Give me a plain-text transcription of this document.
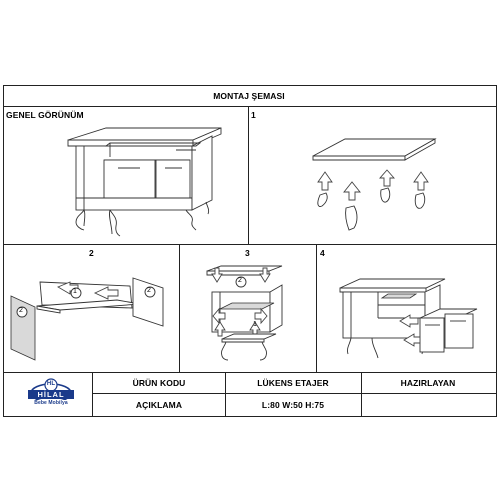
MONTAJ ŞEMASI
GENEL GÖRÜNÜM	1
2	3	4
1
2
2
2
1
HL
HİLAL
Bebe Mobilya
ÜRÜN KODU	LÜKENS ETAJER	HAZIRLAYAN
AÇIKLAMA	L:80 W:50 H:75
